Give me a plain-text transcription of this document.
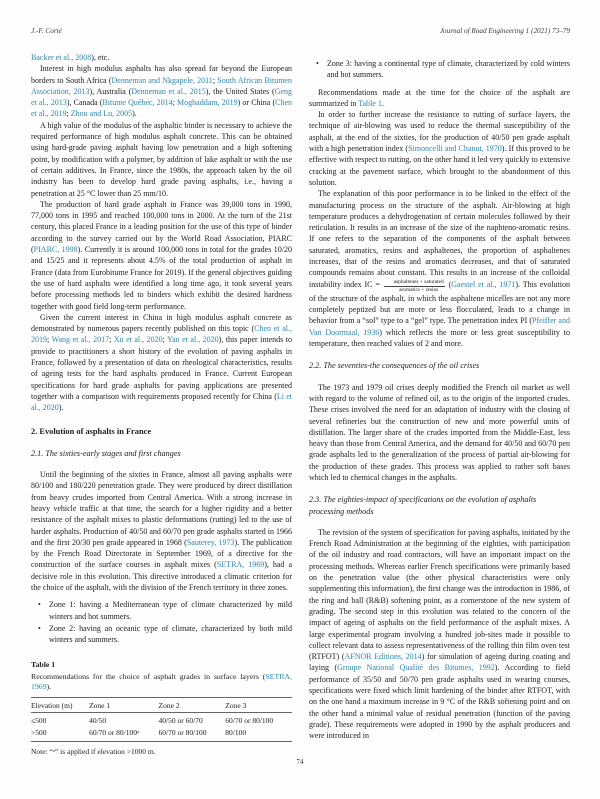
J.-F. Corté	Journal of Road Engineering 1 (2021) 73–79

Backer et al., 2008), etc.

Interest in high modulus asphalts has also spread far beyond the European borders to South Africa (Denneman and Nkgapele, 2011; South African Bitumen Association, 2013), Australia (Denneman et al., 2015), the United States (Geng et al., 2013), Canada (Bitume Québec, 2014; Moghaddam, 2019) or China (Chen et al., 2019; Zhou and Lu, 2005).

A high value of the modulus of the asphaltic binder is necessary to achieve the required performance of high modulus asphalt concrete. This can be obtained using hard-grade paving asphalt having low penetration and a high softening point, by modification with a polymer, by addition of lake asphalt or with the use of certain additives. In France, since the 1980s, the approach taken by the oil industry has been to develop hard grade paving asphalts, i.e., having a penetration at 25 °C lower than 25 mm/10.

The production of hard grade asphalt in France was 39,000 tons in 1990, 77,000 tons in 1995 and reached 100,000 tons in 2000. At the turn of the 21st century, this placed France in a leading position for the use of this type of binder according to the survey carried out by the World Road Association, PIARC (PIARC, 1998). Currently it is around 100,000 tons in total for the grades 10/20 and 15/25 and it represents about 4.5% of the total production of asphalt in France (data from Eurobitume France for 2019). If the general objectives guiding the use of hard asphalts were identified a long time ago, it took several years before processing methods led to binders which exhibit the desired hardness together with good field long-term performance.

Given the current interest in China in high modulus asphalt concrete as demonstrated by numerous papers recently published on this topic (Chen et al., 2019; Wang et al., 2017; Xu et al., 2020; Yan et al., 2020), this paper intends to provide to practitioners a short history of the evolution of paving asphalts in France, followed by a presentation of data on rheological characteristics, results of ageing tests for the hard asphalts produced in France. Current European specifications for hard grade asphalts for paving applications are presented together with a comparison with requirements proposed recently for China (Li et al., 2020).

2. Evolution of asphalts in France
2.1. The sixties-early stages and first changes

Until the beginning of the sixties in France, almost all paving asphalts were 80/100 and 180/220 penetration grade. They were produced by direct distillation from heavy crudes imported from Central America. With a strong increase in heavy vehicle traffic at that time, the search for a higher rigidity and a better resistance of the asphalt mixes to plastic deformations (rutting) led to the use of harder asphalts. Production of 40/50 and 60/70 pen grade asphalts started in 1966 and the first 20/30 pen grade appeared in 1968 (Sauterey, 1973). The publication by the French Road Directorate in September 1969, of a directive for the construction of the surface courses in asphalt mixes (SETRA, 1969), had a decisive role in this evolution. This directive introduced a climatic criterion for the choice of the asphalt, with the division of the French territory in three zones.

• Zone 1: having a Mediterranean type of climate characterized by mild winters and hot summers.
• Zone 2: having an oceanic type of climate, characterized by both mild winters and summers.
Table 1
Recommendations for the choice of asphalt grades in surface layers (SETRA, 1969).
Elevation (m)	Zone 1	Zone 2	Zone 3
≤500	40/50	40/50 or 60/70	60/70 or 80/100
>500	60/70 or 80/100ᵃ	60/70 or 80/100	80/100
Note: “ᵃ” is applied if elevation >1000 m.
• Zone 3: having a continental type of climate, characterized by cold winters and hot summers.

Recommendations made at the time for the choice of the asphalt are summarized in Table 1.

In order to further increase the resistance to rutting of surface layers, the technique of air-blowing was used to reduce the thermal susceptibility of the asphalt, at the end of the sixties, for the production of 40/50 pen grade asphalt with a high penetration index (Simoncelli and Chanut, 1970). If this proved to be effective with respect to rutting, on the other hand it led very quickly to extensive cracking at the pavement surface, which brought to the abandonment of this solution.

The explanation of this poor performance is to be linked to the effect of the manufacturing process on the structure of the asphalt. Air-blowing at high temperature produces a dehydrogenation of certain molecules followed by their reticulation. It results in an increase of the size of the naphteno-aromatic resins. If one refers to the separation of the components of the asphalt between saturated, aromatics, resins and asphaltenes, the proportion of asphaltenes increases, that of the resins and aromatics decreases, and that of saturated compounds remains about constant. This results in an increase of the colloidal instability index IC = $\frac{\text{asphaltenes + saturated}}{\text{aromatics + resins}}$ (Gaestel et al., 1971). This evolution of the structure of the asphalt, in which the asphaltene micelles are not any more completely peptized but are more or less flocculated, leads to a change in behavior from a “sol” type to a “gel” type. The penetration index PI (Pfeiffer and Van Doormaal, 1936) which reflects the more or less great susceptibility to temperature, then reached values of 2 and more.

2.2. The seventies-the consequences of the oil crises

The 1973 and 1979 oil crises deeply modified the French oil market as well with regard to the volume of refined oil, as to the origin of the imported crudes. These crises involved the need for an adaptation of industry with the closing of several refineries but the construction of new and more powerful units of distillation. The larger share of the crudes imported from the Middle-East, less heavy than those from Central America, and the demand for 40/50 and 60/70 pen grade asphalts led to the generalization of the process of partial air-blowing for the production of these grades. This process was applied to rather soft bases which led to chemical changes in the asphalts.

2.3. The eighties-impact of specifications on the evolution of asphalts processing methods

The revision of the system of specification for paving asphalts, initiated by the French Road Administration at the beginning of the eighties, with participation of the oil industry and road contractors, will have an important impact on the processing methods. Whereas earlier French specifications were primarily based on the penetration value (the other physical characteristics were only supplementing this information), the first change was the introduction in 1986, of the ring and ball (R&B) softening point, as a cornerstone of the new system of grading. The second step in this evolution was related to the concern of the impact of ageing of asphalts on the field performance of the asphalt mixes. A large experimental program involving a hundred job-sites made it possible to collect relevant data to assess representativeness of the rolling thin film oven test (RTFOT) (AFNOR Editions, 2014) for simulation of ageing during coating and laying (Groupe National Qualité des Bitumes, 1992). According to field performance of 35/50 and 50/70 pen grade asphalts used in wearing courses, specifications were fixed which limit hardening of the binder after RTFOT, with on the one hand a maximum increase in 9 °C of the R&B softening point and on the other hand a minimal value of residual penetration (function of the paving grade). These requirements were adopted in 1990 by the asphalt producers and were introduced in

74
